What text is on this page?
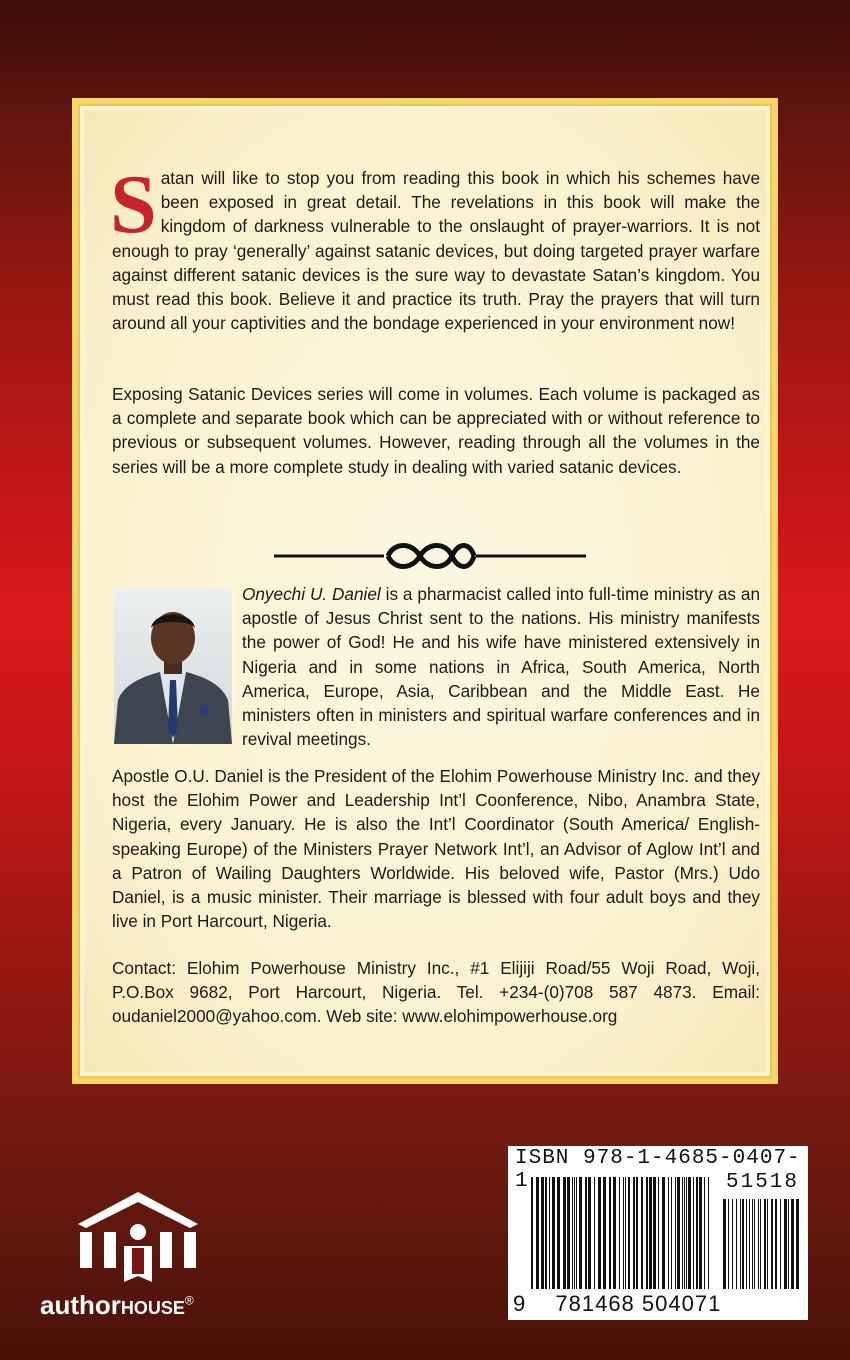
Satan will like to stop you from reading this book in which his schemes have been exposed in great detail. The revelations in this book will make the kingdom of darkness vulnerable to the onslaught of prayer-warriors. It is not enough to pray ‘generally’ against satanic devices, but doing targeted prayer warfare against different satanic devices is the sure way to devastate Satan’s kingdom. You must read this book. Believe it and practice its truth. Pray the prayers that will turn around all your captivities and the bondage experienced in your environment now!

Exposing Satanic Devices series will come in volumes. Each volume is packaged as a complete and separate book which can be appreciated with or without reference to previous or subsequent volumes. However, reading through all the volumes in the series will be a more complete study in dealing with varied satanic devices.

Onyechi U. Daniel is a pharmacist called into full-time ministry as an apostle of Jesus Christ sent to the nations. His ministry manifests the power of God! He and his wife have ministered extensively in Nigeria and in some nations in Africa, South America, North America, Europe, Asia, Caribbean and the Middle East. He ministers often in ministers and spiritual warfare conferences and in revival meetings.

Apostle O.U. Daniel is the President of the Elohim Powerhouse Ministry Inc. and they host the Elohim Power and Leadership Int’l Coonference, Nibo, Anambra State, Nigeria, every January. He is also the Int’l Coordinator (South America/ English-speaking Europe) of the Ministers Prayer Network Int’l, an Advisor of Aglow Int’l and a Patron of Wailing Daughters Worldwide. His beloved wife, Pastor (Mrs.) Udo Daniel, is a music minister. Their marriage is blessed with four adult boys and they live in Port Harcourt, Nigeria.

Contact: Elohim Powerhouse Ministry Inc., #1 Elijiji Road/55 Woji Road, Woji, P.O.Box 9682, Port Harcourt, Nigeria. Tel. +234-(0)708 587 4873. Email: oudaniel2000@yahoo.com. Web site: www.elohimpowerhouse.org

ISBN 978-1-4685-0407-1	51518
9 781468 504071
authorHOUSE®
